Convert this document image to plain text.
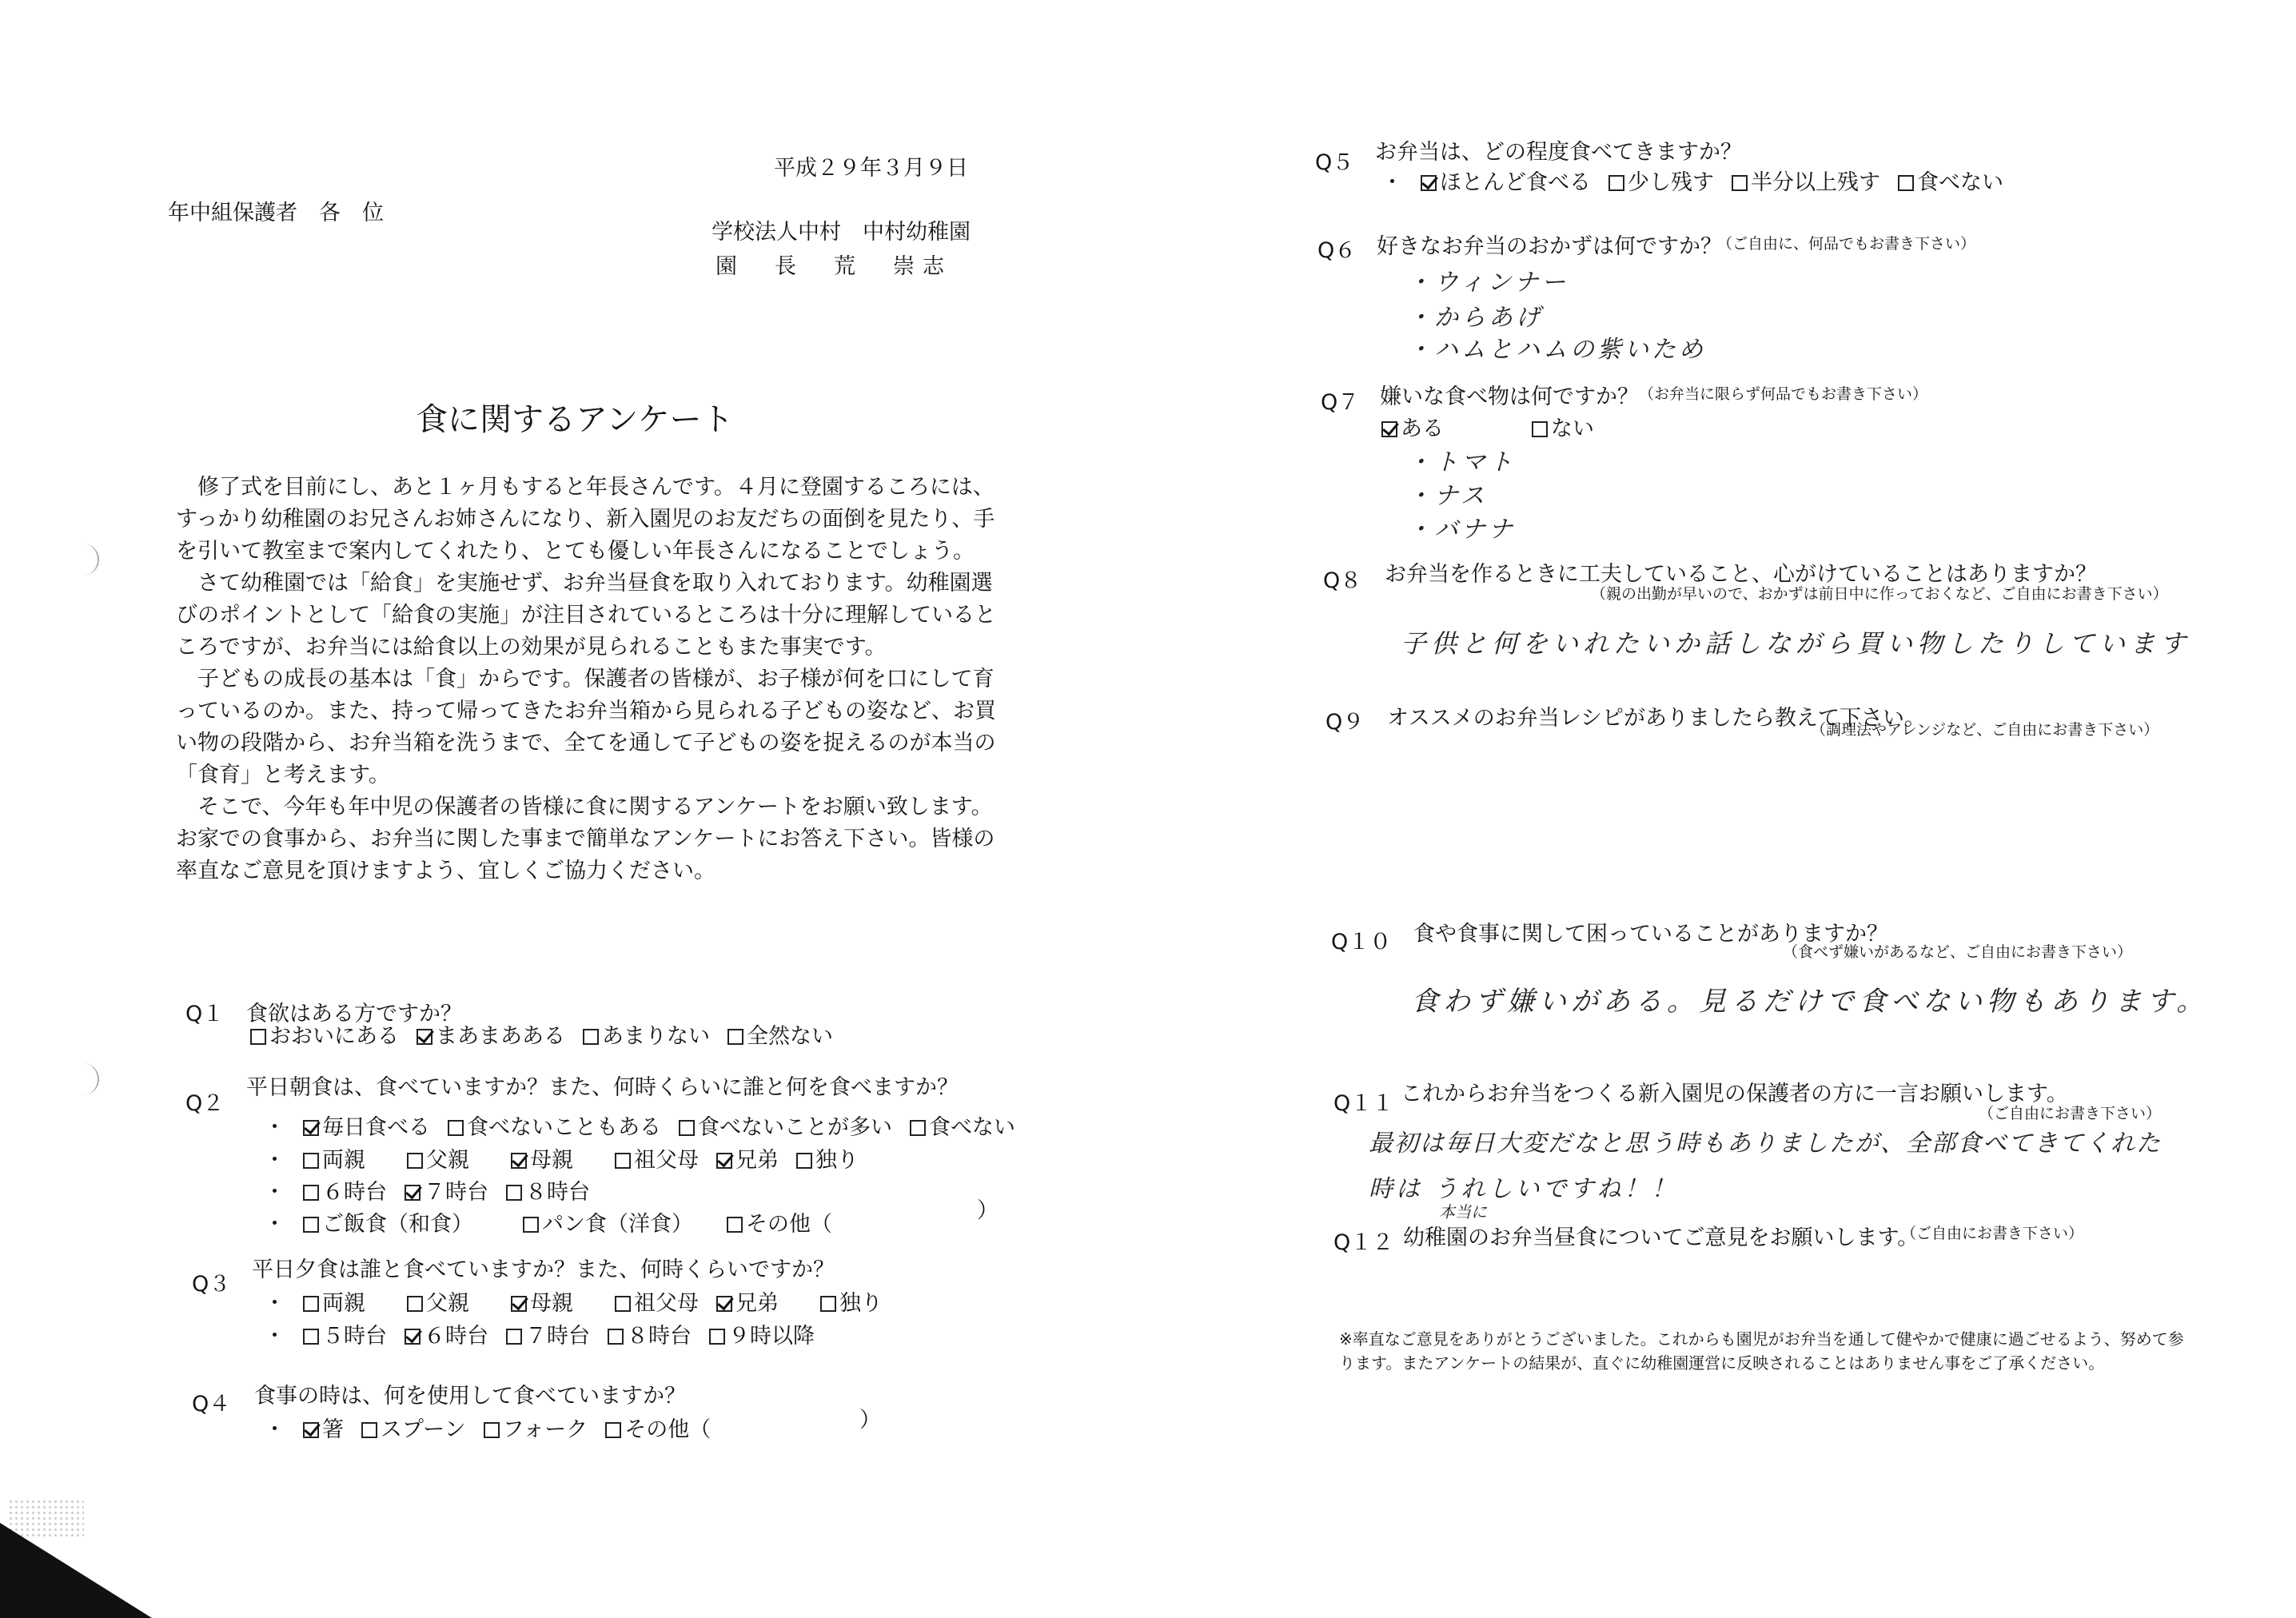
平成２９年３月９日
年中組保護者　各　位
学校法人中村　中村幼稚園
園　長　荒　崇志
食に関するアンケート

　修了式を目前にし、あと１ヶ月もすると年長さんです。４月に登園するころには、すっかり幼稚園のお兄さんお姉さんになり、新入園児のお友だちの面倒を見たり、手を引いて教室まで案内してくれたり、とても優しい年長さんになることでしょう。

　さて幼稚園では「給食」を実施せず、お弁当昼食を取り入れております。幼稚園選びのポイントとして「給食の実施」が注目されているところは十分に理解しているところですが、お弁当には給食以上の効果が見られることもまた事実です。

　子どもの成長の基本は「食」からです。保護者の皆様が、お子様が何を口にして育っているのか。また、持って帰ってきたお弁当箱から見られる子どもの姿など、お買い物の段階から、お弁当箱を洗うまで、全てを通して子どもの姿を捉えるのが本当の「食育」と考えます。

　そこで、今年も年中児の保護者の皆様に食に関するアンケートをお願い致します。お家での食事から、お弁当に関した事まで簡単なアンケートにお答え下さい。皆様の率直なご意見を頂けますよう、宜しくご協力ください。

Q１ 食欲はある方ですか？
おおいにある まあまあある あまりない 全然ない
Q２
平日朝食は、食べていますか？また、何時くらいに誰と何を食べますか？
・ 毎日食べる 食べないこともある 食べないことが多い 食べない
・ 両親	父親	母親	祖父母 兄弟 独り
・ ６時台 ７時台 ８時台
・ ご飯食（和食）	パン食（洋食） その他（
）
Q３
平日夕食は誰と食べていますか？また、何時くらいですか？
・ 両親	父親	母親	祖父母 兄弟	独り
・ ５時台 ６時台 ７時台 ８時台 ９時以降
Q４ 食事の時は、何を使用して食べていますか？
・ 箸 スプーン フォーク その他（	）
Q５ お弁当は、どの程度食べてきますか？
・ ほとんど食べる 少し残す 半分以上残す 食べない
Q６ 好きなお弁当のおかずは何ですか？
（ご自由に、何品でもお書き下さい）
・ウィンナー
・からあげ
・ハムとハムの紫いため
Q７ 嫌いな食べ物は何ですか？ （お弁当に限らず何品でもお書き下さい）
ある	ない
・トマト
・ナス
・バナナ
Q８ お弁当を作るときに工夫していること、心がけていることはありますか？
（親の出勤が早いので、おかずは前日中に作っておくなど、ご自由にお書き下さい）
子供と何をいれたいか話しながら買い物したりしています
Q９ オススメのお弁当レシピがありましたら教えて下さい。
（調理法やアレンジなど、ご自由にお書き下さい）
Q１０ 食や食事に関して困っていることがありますか？
（食べず嫌いがあるなど、ご自由にお書き下さい）
食わず嫌いがある。見るだけで食べない物もあります。
Q１１ これからお弁当をつくる新入園児の保護者の方に一言お願いします。
（ご自由にお書き下さい）
最初は毎日大変だなと思う時もありましたが、全部食べてきてくれた
時は うれしいですね！！
本当に
Q１２ 幼稚園のお弁当昼食についてご意見をお願いします。
（ご自由にお書き下さい）
※率直なご意見をありがとうございました。これからも園児がお弁当を通して健やかで健康に過ごせるよう、努めて参ります。またアンケートの結果が、直ぐに幼稚園運営に反映されることはありません事をご了承ください。
